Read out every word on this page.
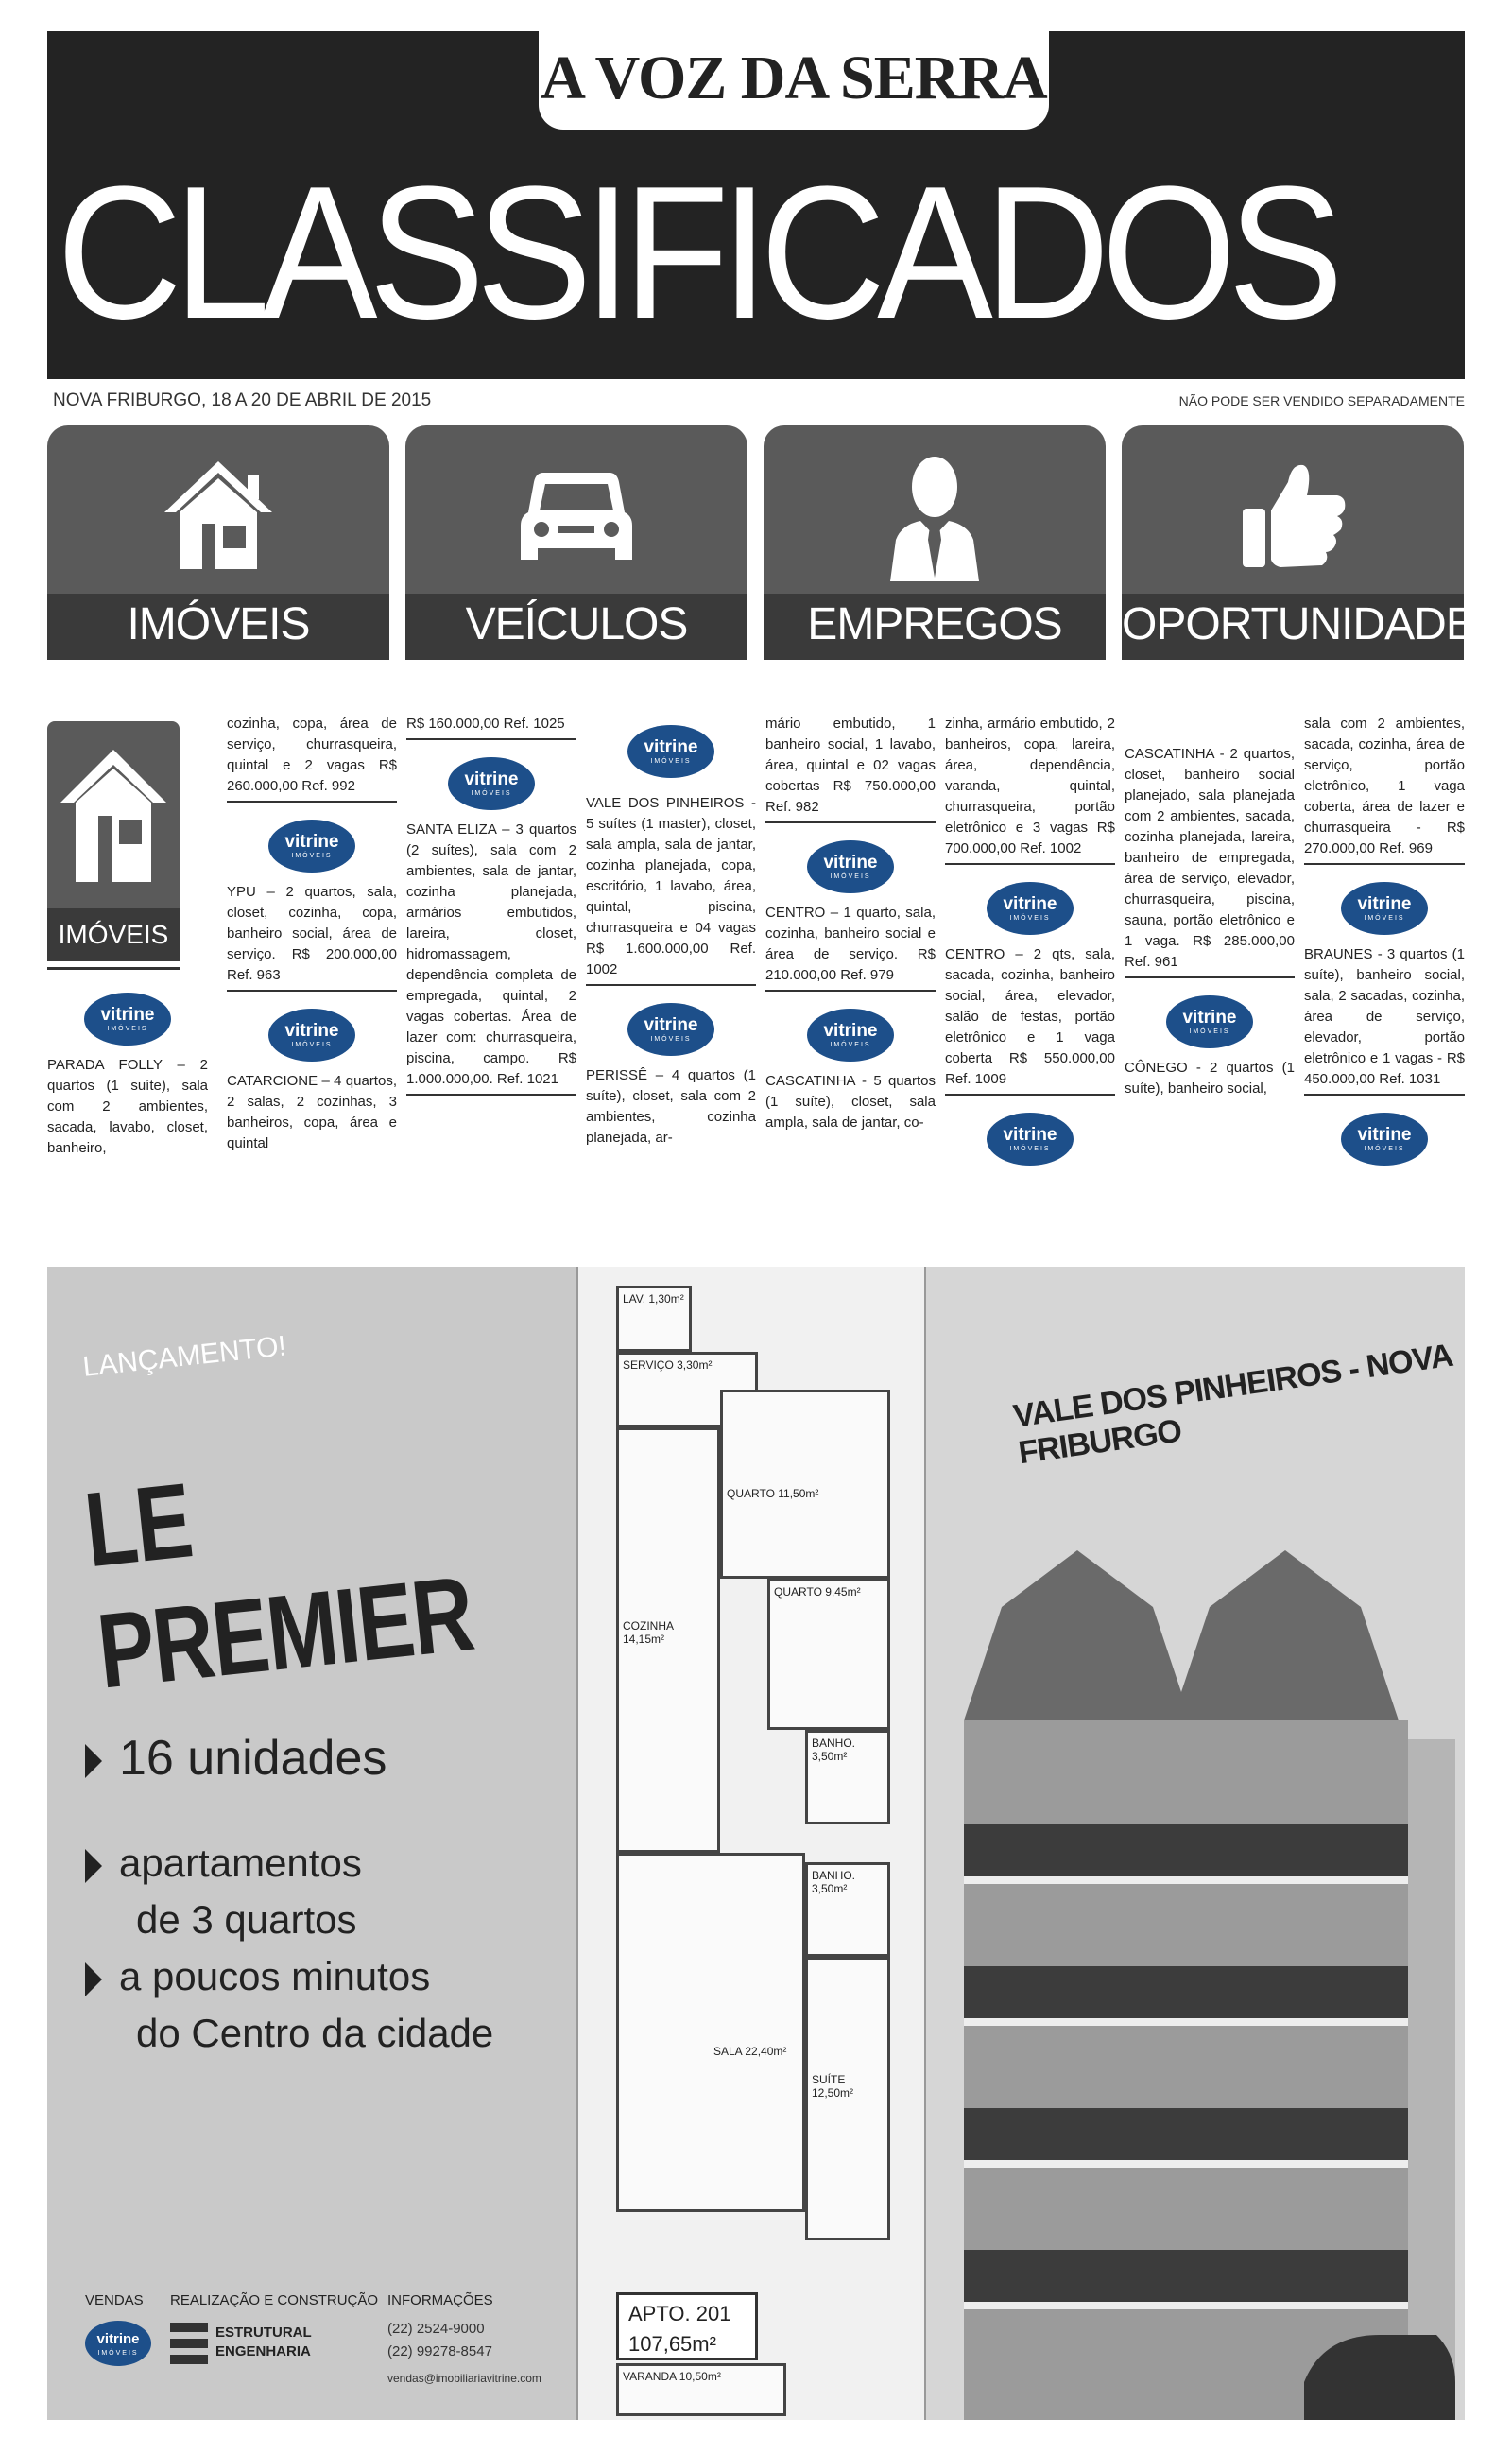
A VOZ DA SERRA
CLASSIFICADOS
NOVA FRIBURGO, 18 A 20 DE ABRIL DE 2015	NÃO PODE SER VENDIDO SEPARADAMENTE
IMÓVEIS	VEÍCULOS	EMPREGOS	OPORTUNIDADES
IMÓVEIS
vitrine
IMÓVEIS

PARADA FOLLY – 2 quartos (1 suíte), sala com 2 ambientes, sacada, lavabo, closet, banheiro,

cozinha, copa, área de serviço, churrasqueira, quintal e 2 vagas R$ 260.000,00 Ref. 992

vitrine
IMÓVEIS

YPU – 2 quartos, sala, closet, cozinha, copa, banheiro social, área de serviço. R$ 200.000,00 Ref. 963

vitrine
IMÓVEIS

CATARCIONE – 4 quartos, 2 salas, 2 cozinhas, 3 banheiros, copa, área e quintal

R$ 160.000,00 Ref. 1025

vitrine
IMÓVEIS

SANTA ELIZA – 3 quartos (2 suítes), sala com 2 ambientes, sala de jantar, cozinha planejada, armários embutidos, lareira, closet, hidromassagem, dependência completa de empregada, quintal, 2 vagas cobertas. Área de lazer com: churrasqueira, piscina, campo. R$ 1.000.000,00. Ref. 1021

vitrine
IMÓVEIS

VALE DOS PINHEIROS - 5 suítes (1 master), closet, sala ampla, sala de jantar, cozinha planejada, copa, escritório, 1 lavabo, área, quintal, piscina, churrasqueira e 04 vagas R$ 1.600.000,00 Ref. 1002

vitrine
IMÓVEIS

PERISSÊ – 4 quartos (1 suíte), closet, sala com 2 ambientes, cozinha planejada, ar-

mário embutido, 1 banheiro social, 1 lavabo, área, quintal e 02 vagas cobertas R$ 750.000,00 Ref. 982

vitrine
IMÓVEIS

CENTRO – 1 quarto, sala, cozinha, banheiro social e área de serviço. R$ 210.000,00 Ref. 979

vitrine
IMÓVEIS

CASCATINHA - 5 quartos (1 suíte), closet, sala ampla, sala de jantar, co-

zinha, armário embutido, 2 banheiros, copa, lareira, área, dependência, varanda, quintal, churrasqueira, portão eletrônico e 3 vagas R$ 700.000,00 Ref. 1002

vitrine
IMÓVEIS

CENTRO – 2 qts, sala, sacada, cozinha, banheiro social, área, elevador, salão de festas, portão eletrônico e 1 vaga coberta R$ 550.000,00 Ref. 1009

vitrine
IMÓVEIS

CASCATINHA - 2 quartos, closet, banheiro social planejado, sala planejada com 2 ambientes, sacada, cozinha planejada, lareira, banheiro de empregada, área de serviço, elevador, churrasqueira, piscina, sauna, portão eletrônico e 1 vaga. R$ 285.000,00 Ref. 961

vitrine
IMÓVEIS

CÔNEGO - 2 quartos (1 suíte), banheiro social,

sala com 2 ambientes, sacada, cozinha, área de serviço, portão eletrônico, 1 vaga coberta, área de lazer e churrasqueira - R$ 270.000,00 Ref. 969

vitrine
IMÓVEIS

BRAUNES - 3 quartos (1 suíte), banheiro social, sala, 2 sacadas, cozinha, área de serviço, elevador, portão eletrônico e 1 vagas - R$ 450.000,00 Ref. 1031

vitrine
IMÓVEIS
LANÇAMENTO!
LE PREMIER
16 unidades
apartamentos
de 3 quartos
a poucos minutos
do Centro da cidade
VENDAS
vitrine
IMÓVEIS
REALIZAÇÃO E CONSTRUÇÃO
ESTRUTURAL
ENGENHARIA
INFORMAÇÕES
(22) 2524-9000
(22) 99278-8547
vendas@imobiliariavitrine.com
LAV. 1,30m²
SERVIÇO 3,30m²
COZINHA 14,15m²
QUARTO 11,50m²
QUARTO 9,45m²
BANHO. 3,50m²
BANHO. 3,50m²
SALA 22,40m²
SUÍTE 12,50m²
VARANDA 10,50m²
APTO. 201
107,65m²
VALE DOS PINHEIROS - NOVA FRIBURGO
